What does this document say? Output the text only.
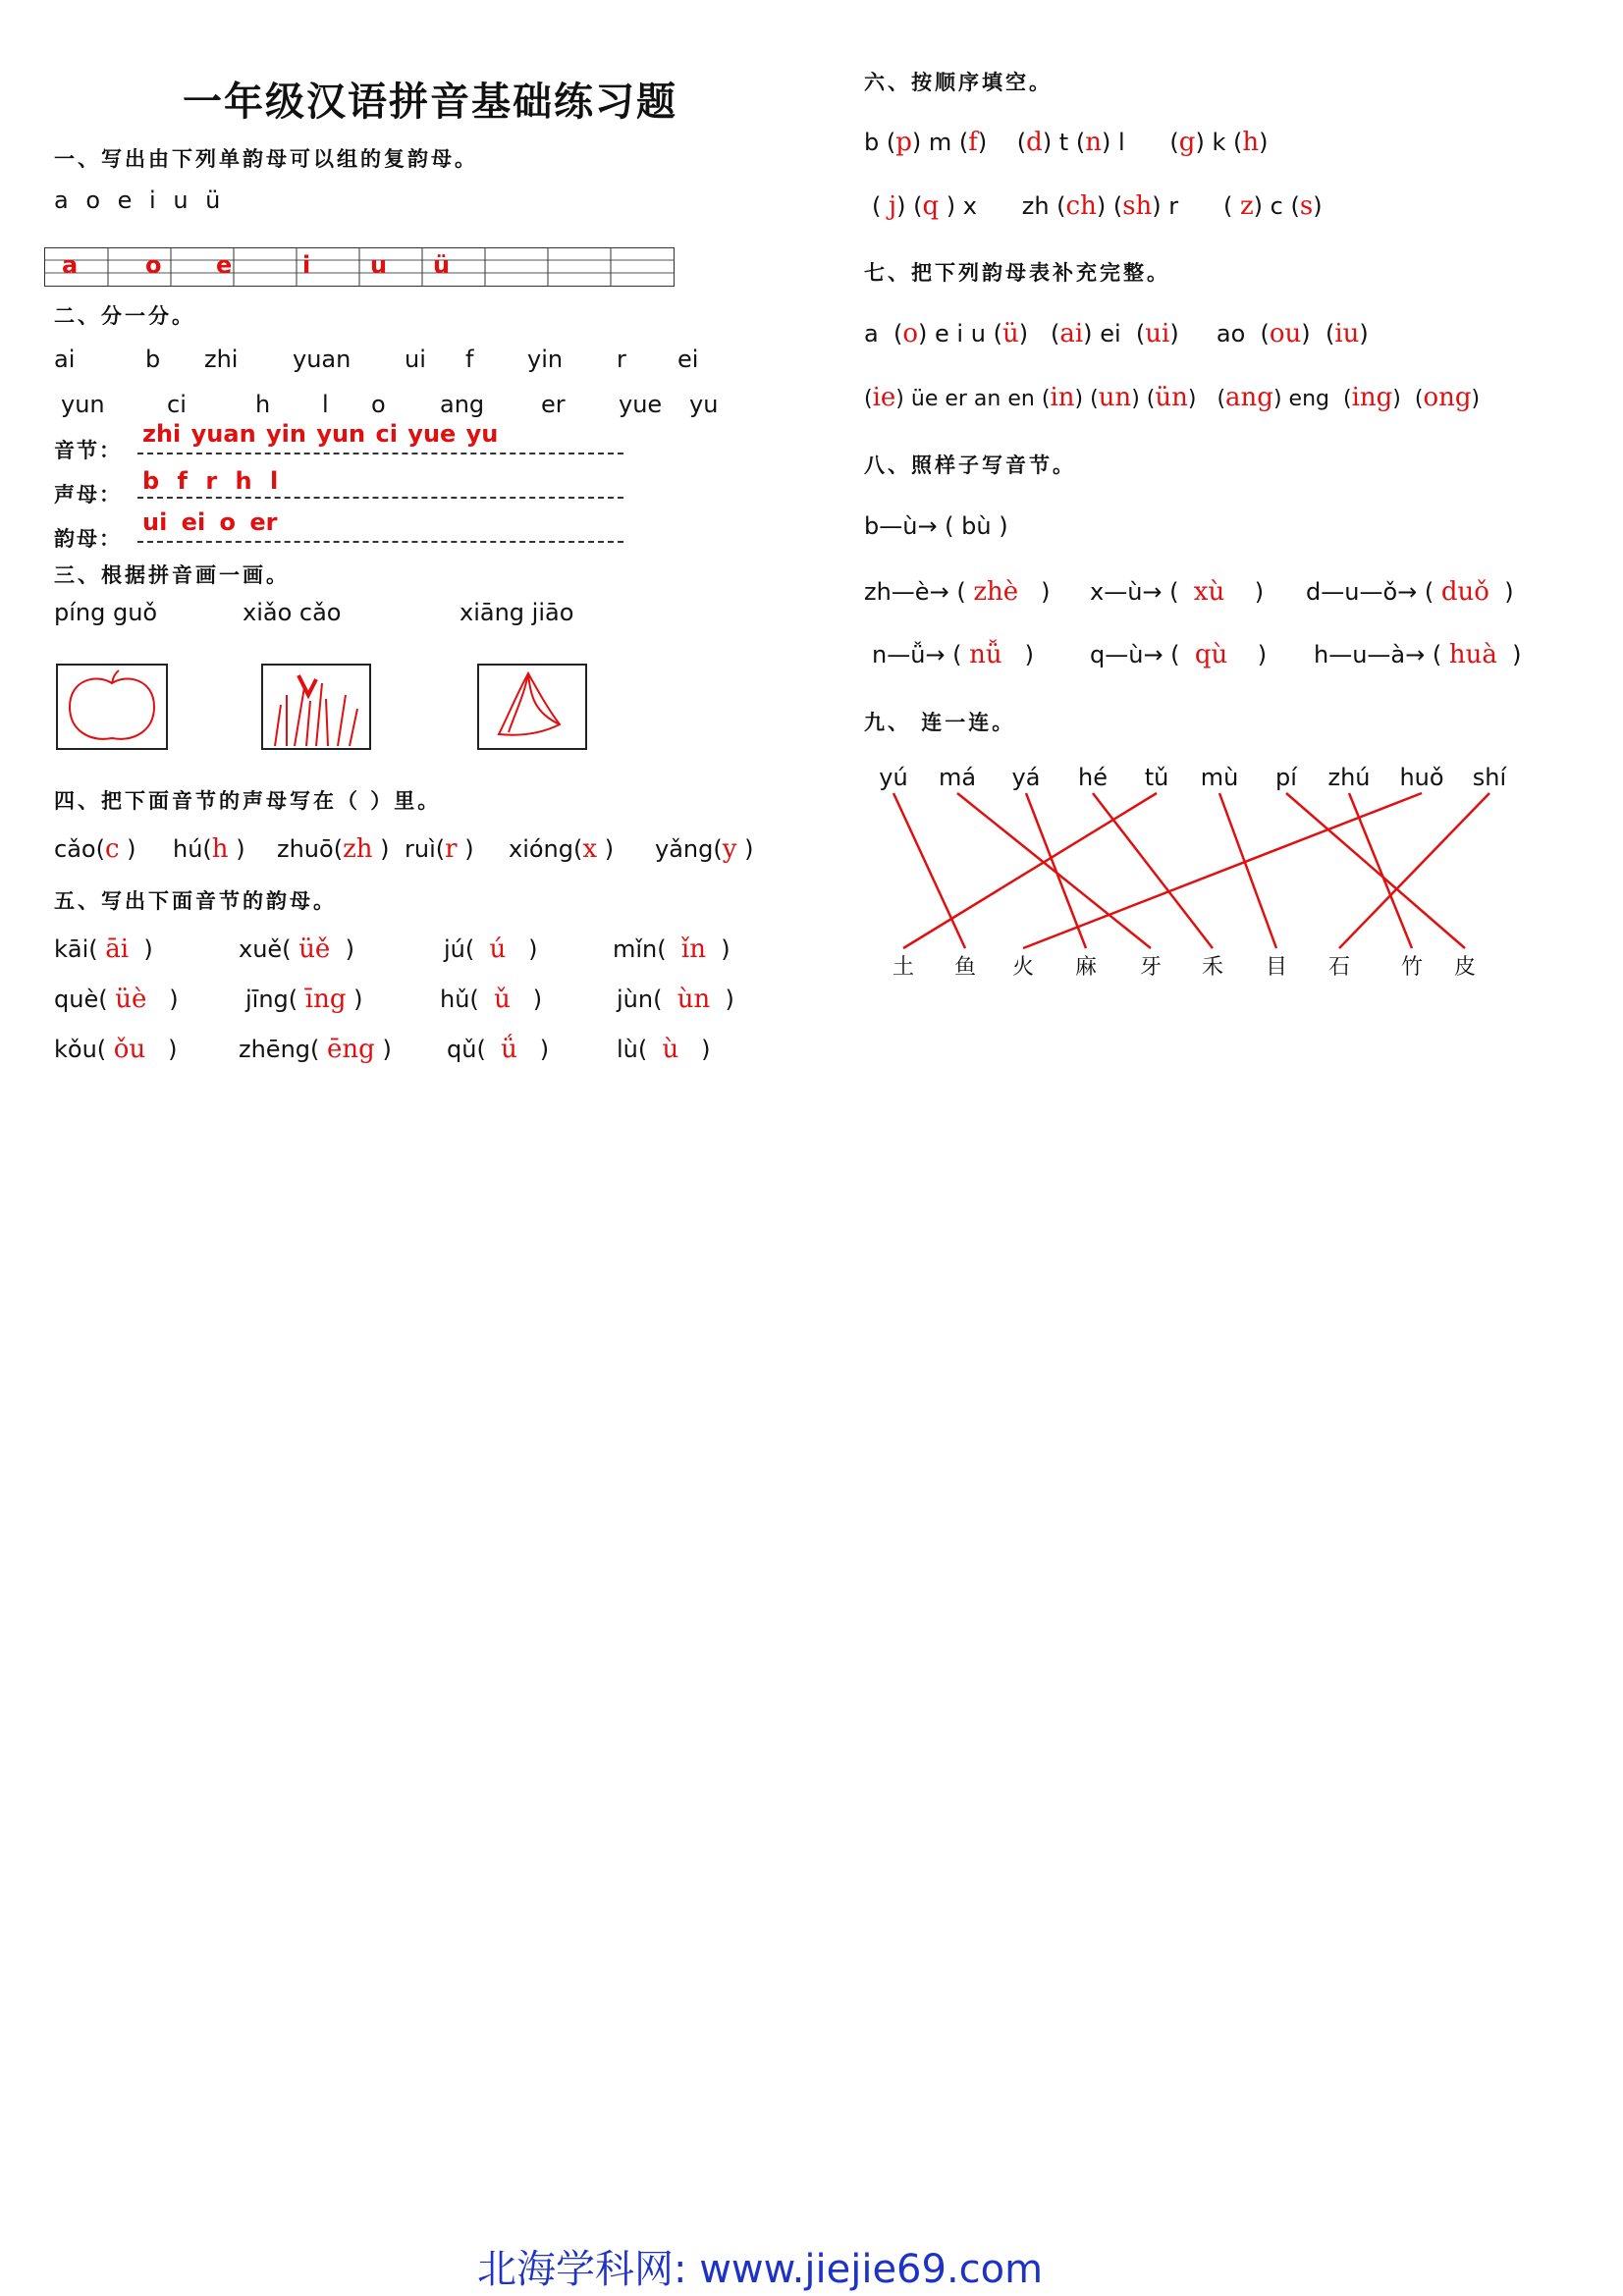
一年级汉语拼音基础练习题
一、写出由下列单韵母可以组的复韵母。
a o e i u ü
a	o e	i	u ü
二、分一分。
ai	b zhi yuan ui f yin r ei
yun	ci	h l o ang er yue yu
音节：
zhi yuan yin yun ci yue yu
声母： b f r h l
韵母：
ui ei o er
三、根据拼音画一画。
píng guǒ	xiǎo cǎo	xiāng jiāo
四、把下面音节的声母写在（ ）里。
cǎo(c ) hú(h ) zhuō(zh ) ruì(r ) xióng(x ) yǎng(y )
五、写出下面音节的韵母。
kāi( āi )	xuě( üě )	jú( ú )	mǐn( ǐn )
què( üè )	jīng( īng )	hǔ( ǔ )	jùn( ùn )
kǒu( ǒu )	zhēng( ēng ) qǔ( ǘ )	lù( ù )
六、按顺序填空。
b (p) m (f) (d) t (n) l (g) k (h)
( j) (q ) x zh (ch) (sh) r ( z) c (s)
七、把下列韵母表补充完整。
a (o) e i u (ü) (ai) ei (ui) ao (ou) (iu)
(ie) üe er an en (in) (un) (ün) (ang) eng (ing) (ong)
八、照样子写音节。
b—ù→ ( bù )
zh—è→ ( zhè ) x—ù→ ( xù ) d—u—ǒ→ ( duǒ )
n—ǚ→ ( nǚ ) q—ù→ ( qù ) h—u—à→ ( huà )
九、 连一连。
yú má yá hé tǔ mù pí zhú huǒ shí
土 鱼 火 麻 牙 禾 目 石 竹 皮
北海学科网: www.jiejie69.com
